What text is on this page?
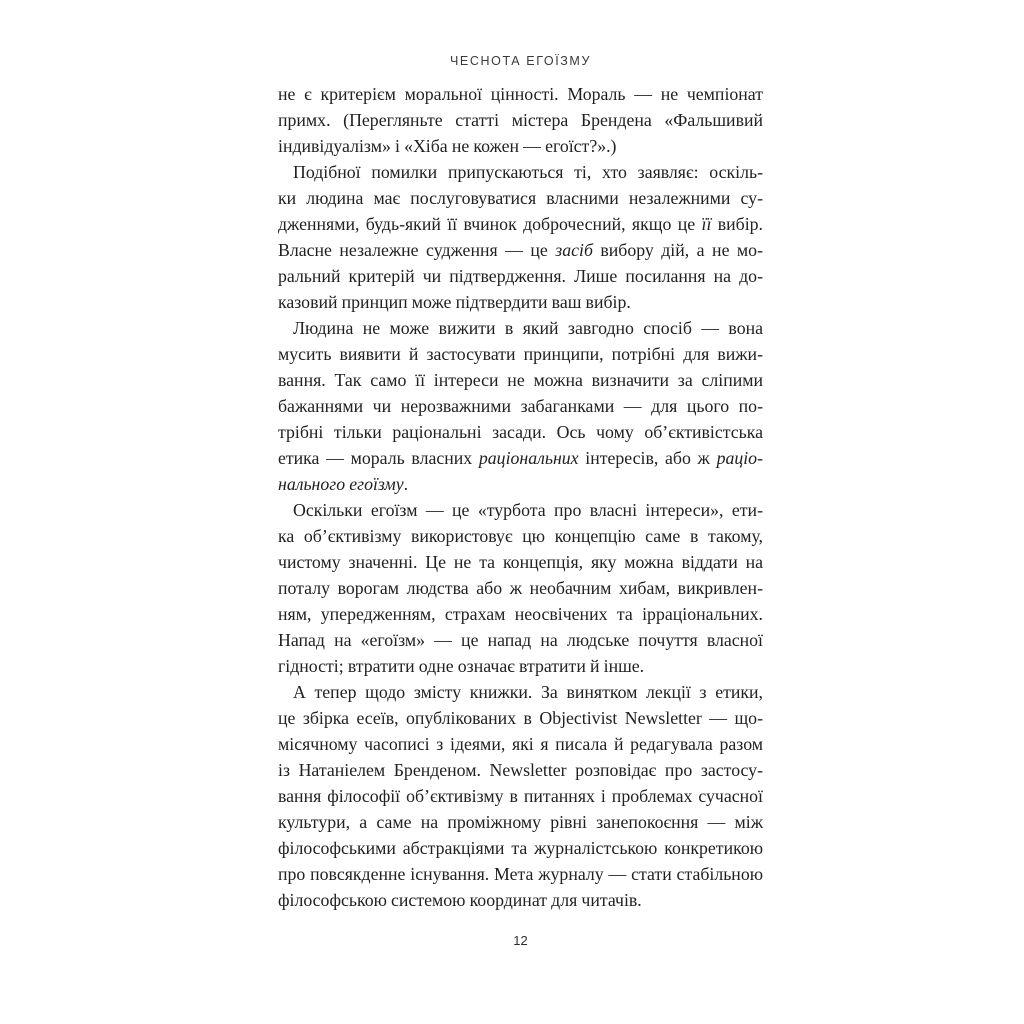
ЧЕСНОТА ЕГОЇЗМУ
не є критерієм моральної цінності. Мораль — не чемпіонат
примх. (Перегляньте статті містера Брендена «Фальшивий
індивідуалізм» і «Хіба не кожен — егоїст?».)
Подібної помилки припускаються ті, хто заявляє: оскіль-
ки людина має послуговуватися власними незалежними су-
дженнями, будь-який її вчинок доброчесний, якщо це її вибір.
Власне незалежне судження — це засіб вибору дій, а не мо-
ральний критерій чи підтвердження. Лише посилання на до-
казовий принцип може підтвердити ваш вибір.
Людина не може вижити в який завгодно спосіб — вона
мусить виявити й застосувати принципи, потрібні для вижи-
вання. Так само її інтереси не можна визначити за сліпими
бажаннями чи нерозважними забаганками — для цього по-
трібні тільки раціональні засади. Ось чому об’єктивістська
етика — мораль власних раціональних інтересів, або ж раціо-
нального егоїзму.
Оскільки егоїзм — це «турбота про власні інтереси», ети-
ка об’єктивізму використовує цю концепцію саме в такому,
чистому значенні. Це не та концепція, яку можна віддати на
поталу ворогам людства або ж необачним хибам, викривлен-
ням, упередженням, страхам неосвічених та ірраціональних.
Напад на «егоїзм» — це напад на людське почуття власної
гідності; втратити одне означає втратити й інше.
А тепер щодо змісту книжки. За винятком лекції з етики,
це збірка есеїв, опублікованих в Objectivist Newsletter — що-
місячному часописі з ідеями, які я писала й редагувала разом
із Натаніелем Бренденом. Newsletter розповідає про застосу-
вання філософії об’єктивізму в питаннях і проблемах сучасної
культури, а саме на проміжному рівні занепокоєння — між
філософськими абстракціями та журналістською конкретикою
про повсякденне існування. Мета журналу — стати стабільною
філософською системою координат для читачів.
12
